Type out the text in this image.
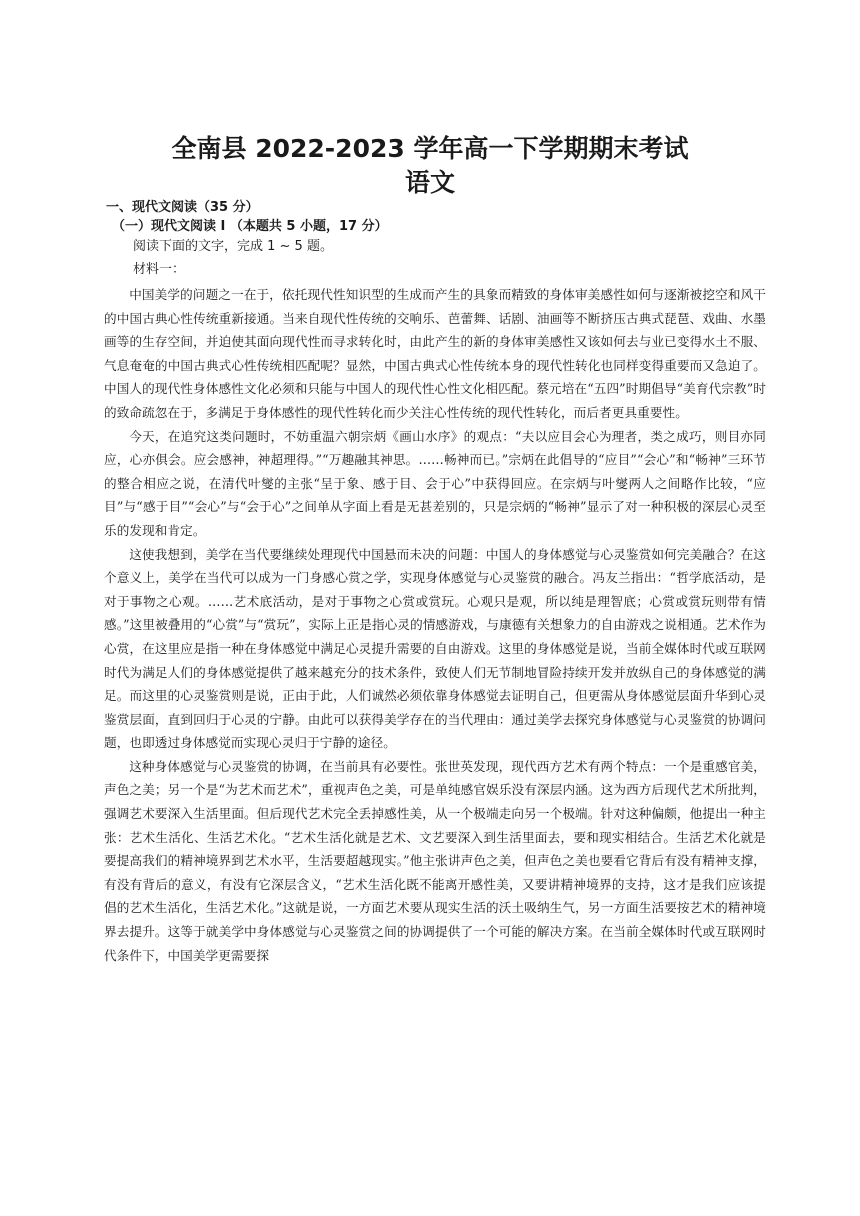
全南县 2022-2023 学年高一下学期期末考试
语文

一、现代文阅读（35 分）

（一）现代文阅读 I （本题共 5 小题，17 分）

阅读下面的文字，完成 1 ~ 5 题。

材料一：

中国美学的问题之一在于，依托现代性知识型的生成而产生的具象而精致的身体审美感性如何与逐渐被挖空和风干的中国古典心性传统重新接通。当来自现代性传统的交响乐、芭蕾舞、话剧、油画等不断挤压古典式琵琶、戏曲、水墨画等的生存空间，并迫使其面向现代性而寻求转化时，由此产生的新的身体审美感性又该如何去与业已变得水土不服、气息奄奄的中国古典式心性传统相匹配呢？显然，中国古典式心性传统本身的现代性转化也同样变得重要而又急迫了。中国人的现代性身体感性文化必须和只能与中国人的现代性心性文化相匹配。蔡元培在“五四”时期倡导“美育代宗教”时的致命疏忽在于，多满足于身体感性的现代性转化而少关注心性传统的现代性转化，而后者更具重要性。

今天，在追究这类问题时，不妨重温六朝宗炳《画山水序》的观点：“夫以应目会心为理者，类之成巧，则目亦同应，心亦俱会。应会感神，神超理得。”“万趣融其神思。……畅神而已。”宗炳在此倡导的“应目”“会心”和“畅神”三环节的整合相应之说，在清代叶燮的主张“呈于象、感于目、会于心”中获得回应。在宗炳与叶燮两人之间略作比较，“应目”与“感于目”“会心”与“会于心”之间单从字面上看是无甚差别的，只是宗炳的“畅神”显示了对一种积极的深层心灵至乐的发现和肯定。

这使我想到，美学在当代要继续处理现代中国悬而未决的问题：中国人的身体感觉与心灵鉴赏如何完美融合？在这个意义上，美学在当代可以成为一门身感心赏之学，实现身体感觉与心灵鉴赏的融合。冯友兰指出：“哲学底活动，是对于事物之心观。……艺术底活动，是对于事物之心赏或赏玩。心观只是观，所以纯是理智底；心赏或赏玩则带有情感。”这里被叠用的“心赏”与“赏玩”，实际上正是指心灵的情感游戏，与康德有关想象力的自由游戏之说相通。艺术作为心赏，在这里应是指一种在身体感觉中满足心灵提升需要的自由游戏。这里的身体感觉是说，当前全媒体时代或互联网时代为满足人们的身体感觉提供了越来越充分的技术条件，致使人们无节制地冒险持续开发并放纵自己的身体感觉的满足。而这里的心灵鉴赏则是说，正由于此，人们诚然必须依靠身体感觉去证明自己，但更需从身体感觉层面升华到心灵鉴赏层面，直到回归于心灵的宁静。由此可以获得美学存在的当代理由：通过美学去探究身体感觉与心灵鉴赏的协调问题，也即透过身体感觉而实现心灵归于宁静的途径。

这种身体感觉与心灵鉴赏的协调，在当前具有必要性。张世英发现，现代西方艺术有两个特点：一个是重感官美，声色之美；另一个是“为艺术而艺术”，重视声色之美，可是单纯感官娱乐没有深层内涵。这为西方后现代艺术所批判，强调艺术要深入生活里面。但后现代艺术完全丢掉感性美，从一个极端走向另一个极端。针对这种偏颇，他提出一种主张：艺术生活化、生活艺术化。“艺术生活化就是艺术、文艺要深入到生活里面去，要和现实相结合。生活艺术化就是要提高我们的精神境界到艺术水平，生活要超越现实。”他主张讲声色之美，但声色之美也要看它背后有没有精神支撑，有没有背后的意义，有没有它深层含义，“艺术生活化既不能离开感性美，又要讲精神境界的支持，这才是我们应该提倡的艺术生活化，生活艺术化。”这就是说，一方面艺术要从现实生活的沃土吸纳生气，另一方面生活要按艺术的精神境界去提升。这等于就美学中身体感觉与心灵鉴赏之间的协调提供了一个可能的解决方案。在当前全媒体时代或互联网时代条件下，中国美学更需要探
